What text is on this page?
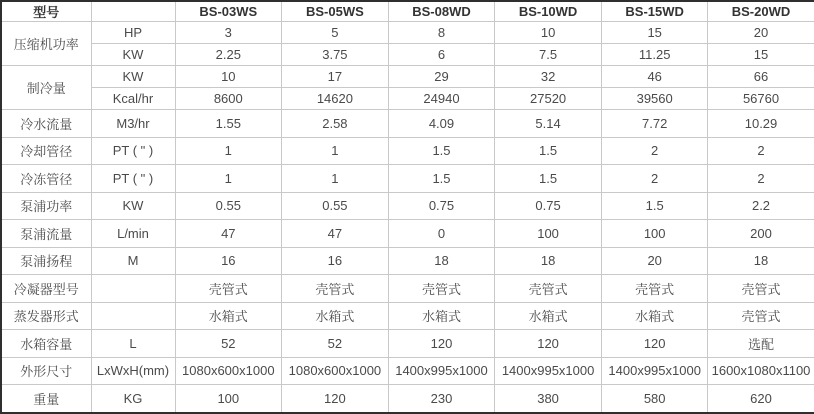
型号		BS-03WS	BS-05WS	BS-08WD	BS-10WD	BS-15WD	BS-20WD
压缩机功率	HP	3	5	8	10	15	20
	KW	2.25	3.75	6	7.5	11.25	15
制冷量	KW	10	17	29	32	46	66
	Kcal/hr	8600	14620	24940	27520	39560	56760
冷水流量	M3/hr	1.55	2.58	4.09	5.14	7.72	10.29
冷却管径	PT ( " )	1	1	1.5	1.5	2	2
冷冻管径	PT ( " )	1	1	1.5	1.5	2	2
泵浦功率	KW	0.55	0.55	0.75	0.75	1.5	2.2
泵浦流量	L/min	47	47	0	100	100	200
泵浦扬程	M	16	16	18	18	20	18
冷凝器型号		壳管式	壳管式	壳管式	壳管式	壳管式	壳管式
蒸发器形式		水箱式	水箱式	水箱式	水箱式	水箱式	壳管式
水箱容量	L	52	52	120	120	120	选配
外形尺寸	LxWxH(mm)	1080x600x1000	1080x600x1000	1400x995x1000	1400x995x1000	1400x995x1000	1600x1080x1100
重量	KG	100	120	230	380	580	620
